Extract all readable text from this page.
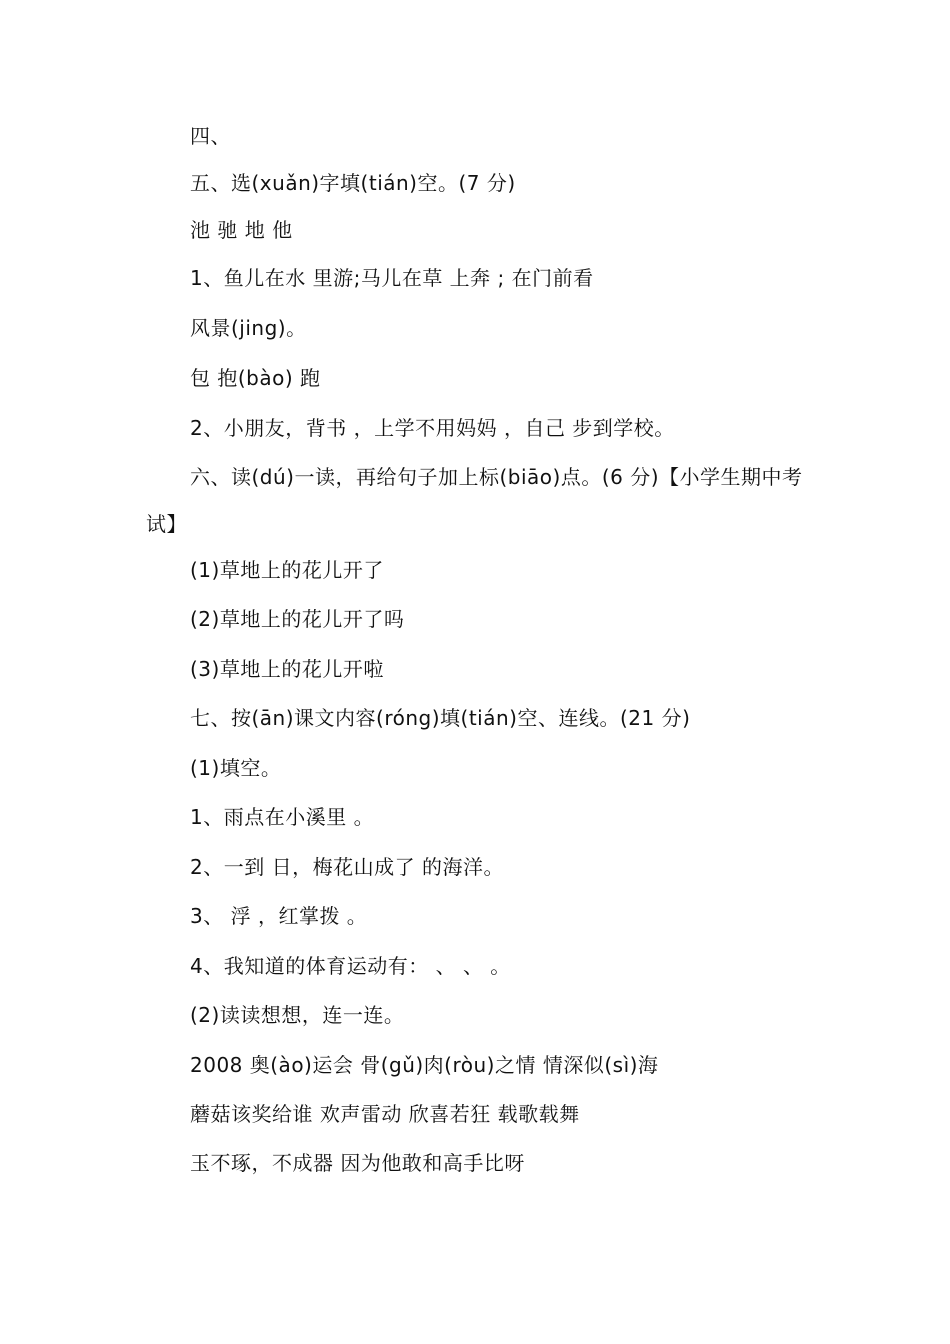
四、
五、选(xuǎn)字填(tián)空。(7 分)
池 驰 地 他
1、鱼儿在水 里游;马儿在草 上奔 ; 在门前看
风景(jing)。
包 抱(bào) 跑
2、小朋友，背书 ，上学不用妈妈 ，自己 步到学校。
六、读(dú)一读，再给句子加上标(biāo)点。(6 分)【小学生期中考
试】
(1)草地上的花儿开了
(2)草地上的花儿开了吗
(3)草地上的花儿开啦
七、按(ān)课文内容(róng)填(tián)空、连线。(21 分)
(1)填空。
1、雨点在小溪里 。
2、一到 日，梅花山成了 的海洋。
3、 浮 ，红掌拨 。
4、我知道的体育运动有： 、 、 。
(2)读读想想，连一连。
2008 奥(ào)运会 骨(gǔ)肉(ròu)之情 情深似(sì)海
蘑菇该奖给谁 欢声雷动 欣喜若狂 载歌载舞
玉不琢，不成器 因为他敢和高手比呀
